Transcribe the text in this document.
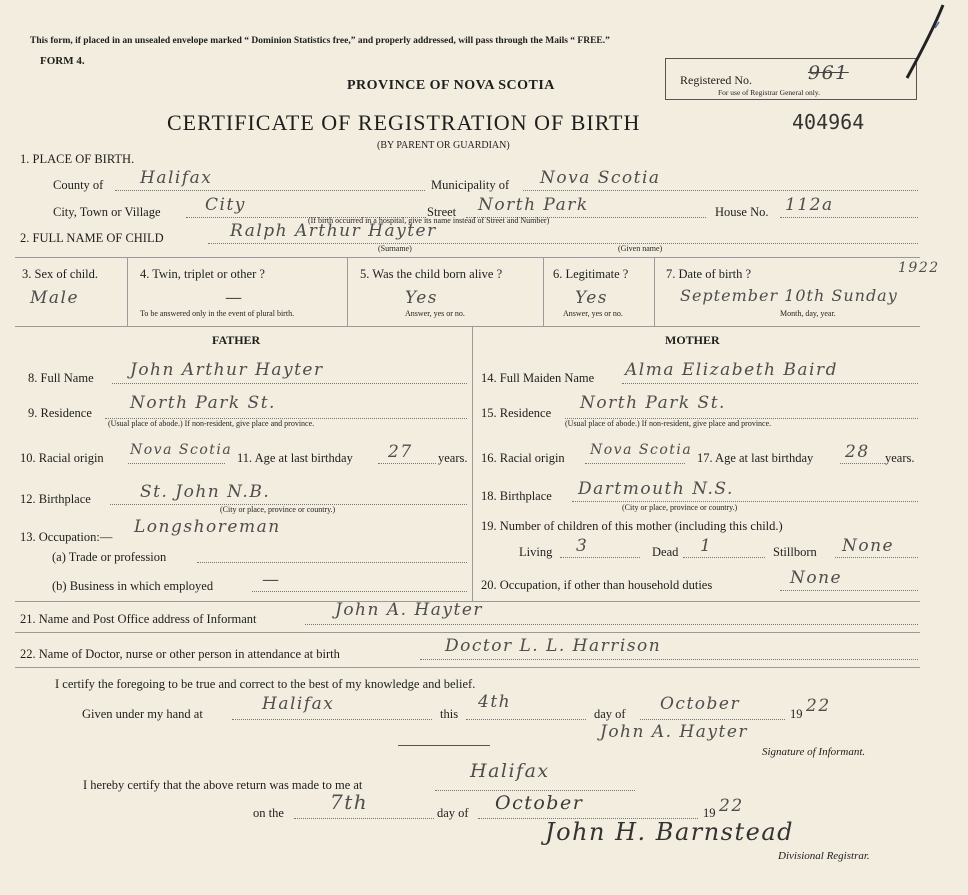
This form, if placed in an unsealed envelope marked “ Dominion Statistics free,” and properly addressed, will pass through the Mails “ FREE.”
FORM 4.
PROVINCE OF NOVA SCOTIA
CERTIFICATE OF REGISTRATION OF BIRTH	404964
(BY PARENT OR GUARDIAN)
Registered No.	961
For use of Registrar General only.
1. PLACE OF BIRTH.
County of Halifax	Municipality of Nova Scotia
City, Town or Village	City	Street North Park
(If birth occurred in a hospital, give its name instead of Street and Number)
House No. 112a
2. FULL NAME OF CHILD	Ralph Arthur Hayter
(Surname)	(Given name)
3. Sex of child.
Male
4. Twin, triplet or other ?
—
To be answered only in the event of plural birth.
5. Was the child born alive ?
Yes
Answer, yes or no.
6. Legitimate ?
Yes
Answer, yes or no.
7. Date of birth ?	1922
September 10th Sunday
Month, day, year.
FATHER	MOTHER
8. Full Name John Arthur Hayter
9. Residence North Park St.
(Usual place of abode.) If non-resident, give place and province.
10. Racial origin Nova Scotia 11. Age at last birthday 27 years.
12. Birthplace	St. John N.B.
(City or place, province or country.)
13. Occupation:— Longshoreman
(a) Trade or profession
(b) Business in which employed	—
14. Full Maiden Name Alma Elizabeth Baird
15. Residence North Park St.
(Usual place of abode.) If non-resident, give place and province.
16. Racial origin Nova Scotia 17. Age at last birthday 28 years.
18. Birthplace Dartmouth N.S.
(City or place, province or country.)
19. Number of children of this mother (including this child.)
Living 3	Dead 1	Stillborn None
20. Occupation, if other than household duties	None
21. Name and Post Office address of Informant	John A. Hayter
22. Name of Doctor, nurse or other person in attendance at birth	Doctor L. L. Harrison
I certify the foregoing to be true and correct to the best of my knowledge and belief.
Given under my hand at	Halifax	this
4th
day of October	19 22
John A. Hayter
Signature of Informant.
I hereby certify that the above return was made to me at
Halifax
on the 7th	day of October	19 22
John H. Barnstead
Divisional Registrar.
